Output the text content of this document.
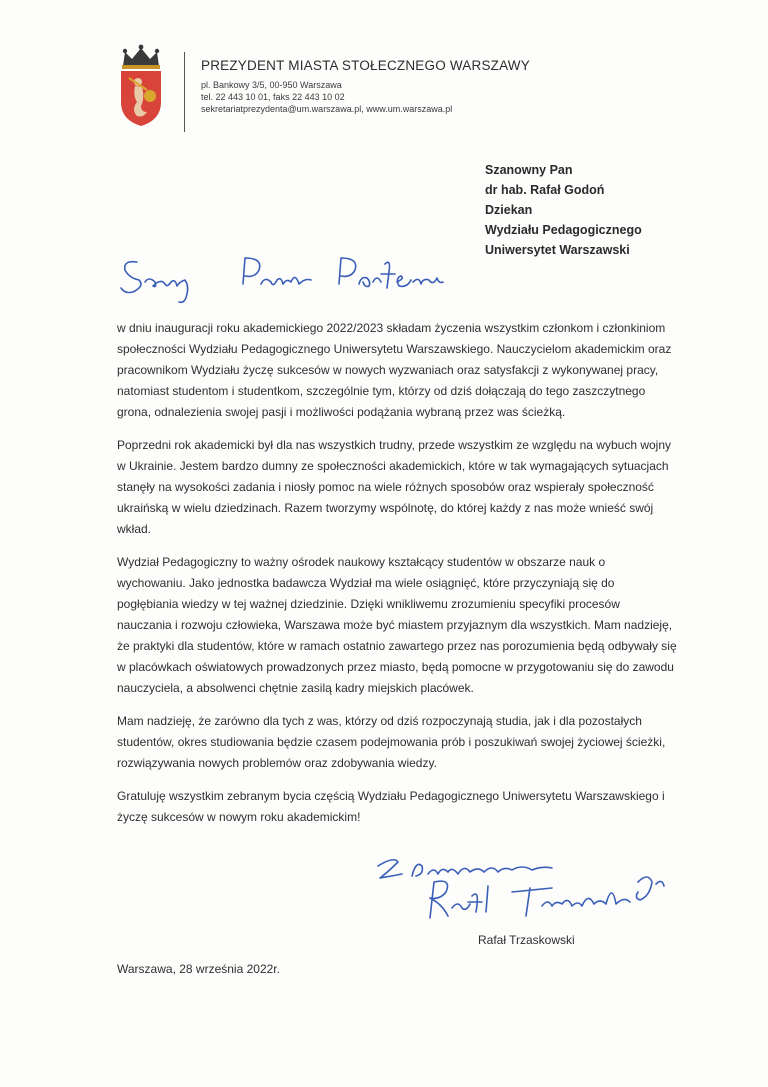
PREZYDENT MIASTA STOŁECZNEGO WARSZAWY
pl. Bankowy 3/5, 00-950 Warszawa
tel. 22 443 10 01, faks 22 443 10 02
sekretariatprezydenta@um.warszawa.pl, www.um.warszawa.pl
Szanowny Pan
dr hab. Rafał Godoń
Dziekan
Wydziału Pedagogicznego
Uniwersytet Warszawski

w dniu inauguracji roku akademickiego 2022/2023 składam życzenia wszystkim członkom i członkiniom społeczności Wydziału Pedagogicznego Uniwersytetu Warszawskiego. Nauczycielom akademickim oraz pracownikom Wydziału życzę sukcesów w nowych wyzwaniach oraz satysfakcji z wykonywanej pracy, natomiast studentom i studentkom, szczególnie tym, którzy od dziś dołączają do tego zaszczytnego grona, odnalezienia swojej pasji i możliwości podążania wybraną przez was ścieżką.

Poprzedni rok akademicki był dla nas wszystkich trudny, przede wszystkim ze względu na wybuch wojny w Ukrainie. Jestem bardzo dumny ze społeczności akademickich, które w tak wymagających sytuacjach stanęły na wysokości zadania i niosły pomoc na wiele różnych sposobów oraz wspierały społeczność ukraińską w wielu dziedzinach. Razem tworzymy wspólnotę, do której każdy z nas może wnieść swój wkład.

Wydział Pedagogiczny to ważny ośrodek naukowy kształcący studentów w obszarze nauk o wychowaniu. Jako jednostka badawcza Wydział ma wiele osiągnięć, które przyczyniają się do pogłębiania wiedzy w tej ważnej dziedzinie. Dzięki wnikliwemu zrozumieniu specyfiki procesów nauczania i rozwoju człowieka, Warszawa może być miastem przyjaznym dla wszystkich. Mam nadzieję, że praktyki dla studentów, które w ramach ostatnio zawartego przez nas porozumienia będą odbywały się w placówkach oświatowych prowadzonych przez miasto, będą pomocne w przygotowaniu się do zawodu nauczyciela, a absolwenci chętnie zasilą kadry miejskich placówek.

Mam nadzieję, że zarówno dla tych z was, którzy od dziś rozpoczynają studia, jak i dla pozostałych studentów, okres studiowania będzie czasem podejmowania prób i poszukiwań swojej życiowej ścieżki, rozwiązywania nowych problemów oraz zdobywania wiedzy.

Gratuluję wszystkim zebranym bycia częścią Wydziału Pedagogicznego Uniwersytetu Warszawskiego i życzę sukcesów w nowym roku akademickim!

Rafał Trzaskowski
Warszawa, 28 września 2022r.
